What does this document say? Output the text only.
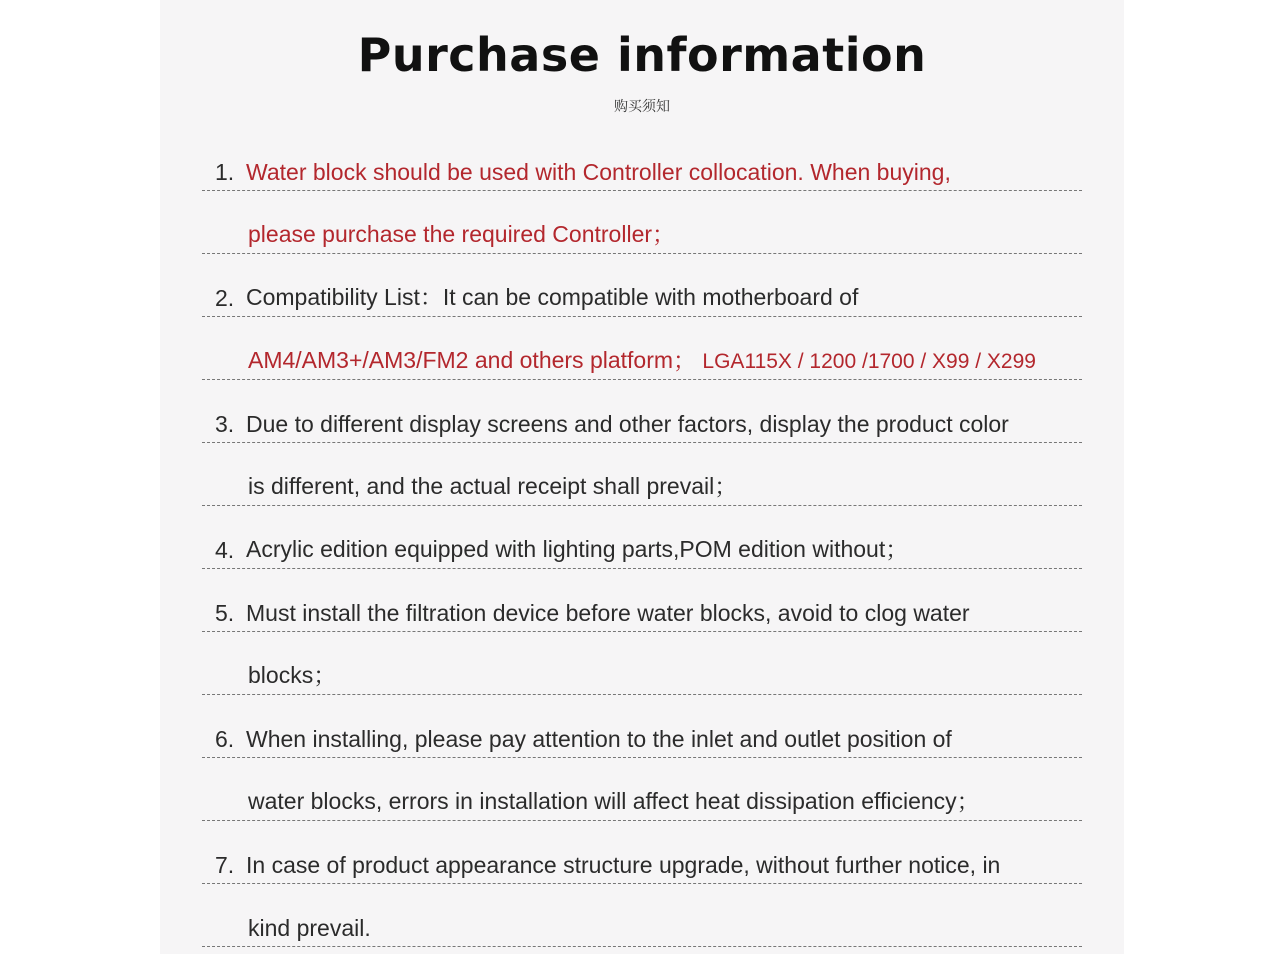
Purchase information
购买须知
1. Water block should be used with Controller collocation. When buying,
please purchase the required Controller；
2. Compatibility List：It can be compatible with motherboard of
AM4/AM3+/AM3/FM2 and others platform； LGA115X / 1200 /1700 / X99 / X299
3. Due to different display screens and other factors, display the product color
is different, and the actual receipt shall prevail；
4. Acrylic edition equipped with lighting parts,POM edition without；
5. Must install the filtration device before water blocks, avoid to clog water
blocks；
6. When installing, please pay attention to the inlet and outlet position of
water blocks, errors in installation will affect heat dissipation efficiency；
7. In case of product appearance structure upgrade, without further notice, in
kind prevail.
